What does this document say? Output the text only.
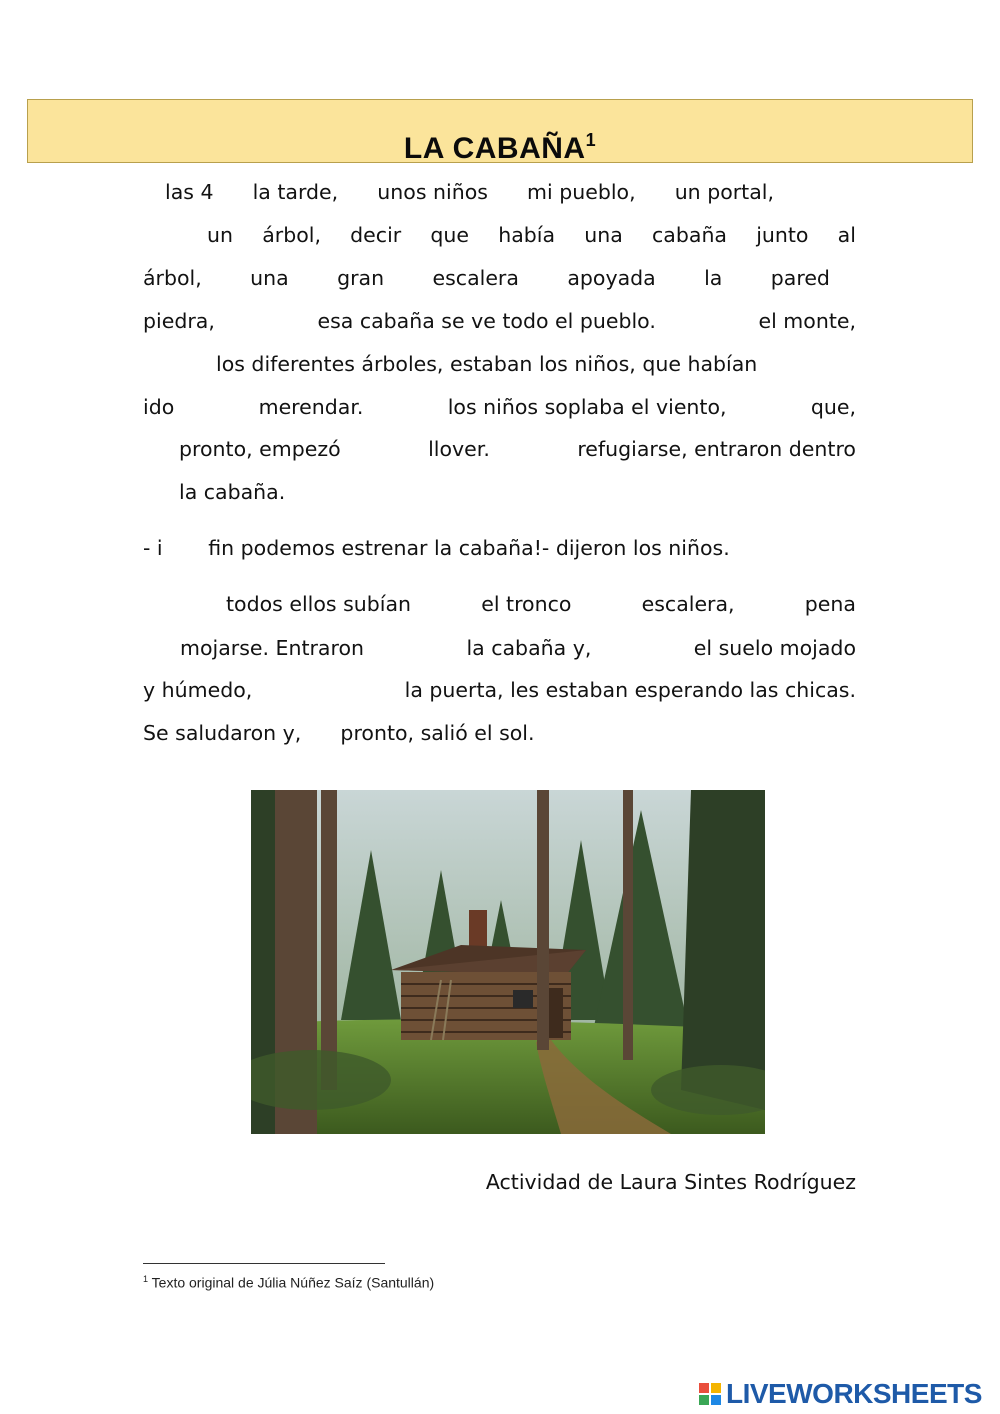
LA CABAÑA$^1$
las 4      la tarde,      unos niños      mi pueblo,      un portal,
un árbol, decir que había una cabaña junto al
árbol, una gran escalera apoyada la pared
piedra,	esa cabaña se ve todo el pueblo.	el monte,
los diferentes árboles, estaban los niños, que habían
ido	merendar.	los niños soplaba el viento,	que,
pronto, empezó	llover.	refugiarse, entraron dentro
la cabaña.
- i       fin podemos estrenar la cabaña!- dijeron los niños.
todos ellos subían	el tronco	escalera,	pena
mojarse. Entraron	la cabaña y,	el suelo mojado
y húmedo,	la puerta, les estaban esperando las chicas.
Se saludaron y,      pronto, salió el sol.
Actividad de Laura Sintes Rodríguez
$^1$ Texto original de Júlia Núñez Saíz (Santullán)
LIVEWORKSHEETS
